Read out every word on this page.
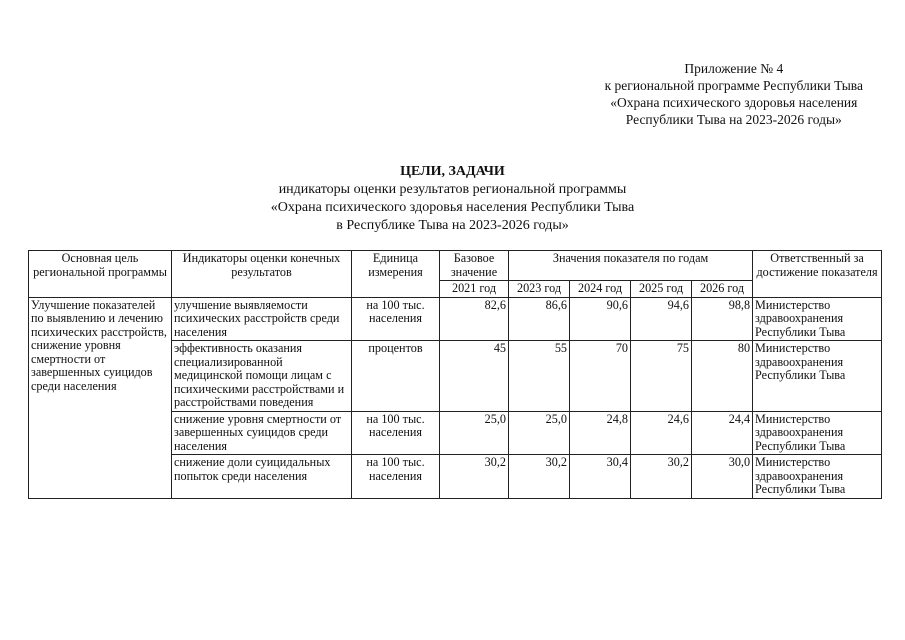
Приложение № 4
к региональной программе Республики Тыва
«Охрана психического здоровья населения
Республики Тыва на 2023-2026 годы»
ЦЕЛИ, ЗАДАЧИ
индикаторы оценки результатов региональной программы
«Охрана психического здоровья населения Республики Тыва
в Республике Тыва на 2023-2026 годы»
Основная цель региональной программы	Индикаторы оценки конечных результатов	Единица измерения	Базовое значение	Значения показателя по годам				Ответственный за достижение показателя
			2021 год	2023 год	2024 год	2025 год	2026 год	
Улучшение показателей по выявлению и лечению психических расстройств, снижение уровня смертности от завершенных суицидов среди населения	улучшение выявляемости психических расстройств среди населения	на 100 тыс. населения	82,6	86,6	90,6	94,6	98,8	Министерство здравоохранения Республики Тыва
	эффективность оказания специализированной медицинской помощи лицам с психическими расстройствами и расстройствами поведения	процентов	45	55	70	75	80	Министерство здравоохранения Республики Тыва
	снижение уровня смертности от завершенных суицидов среди населения	на 100 тыс. населения	25,0	25,0	24,8	24,6	24,4	Министерство здравоохранения Республики Тыва
	снижение доли суицидальных попыток среди населения	на 100 тыс. населения	30,2	30,2	30,4	30,2	30,0	Министерство здравоохранения Республики Тыва
